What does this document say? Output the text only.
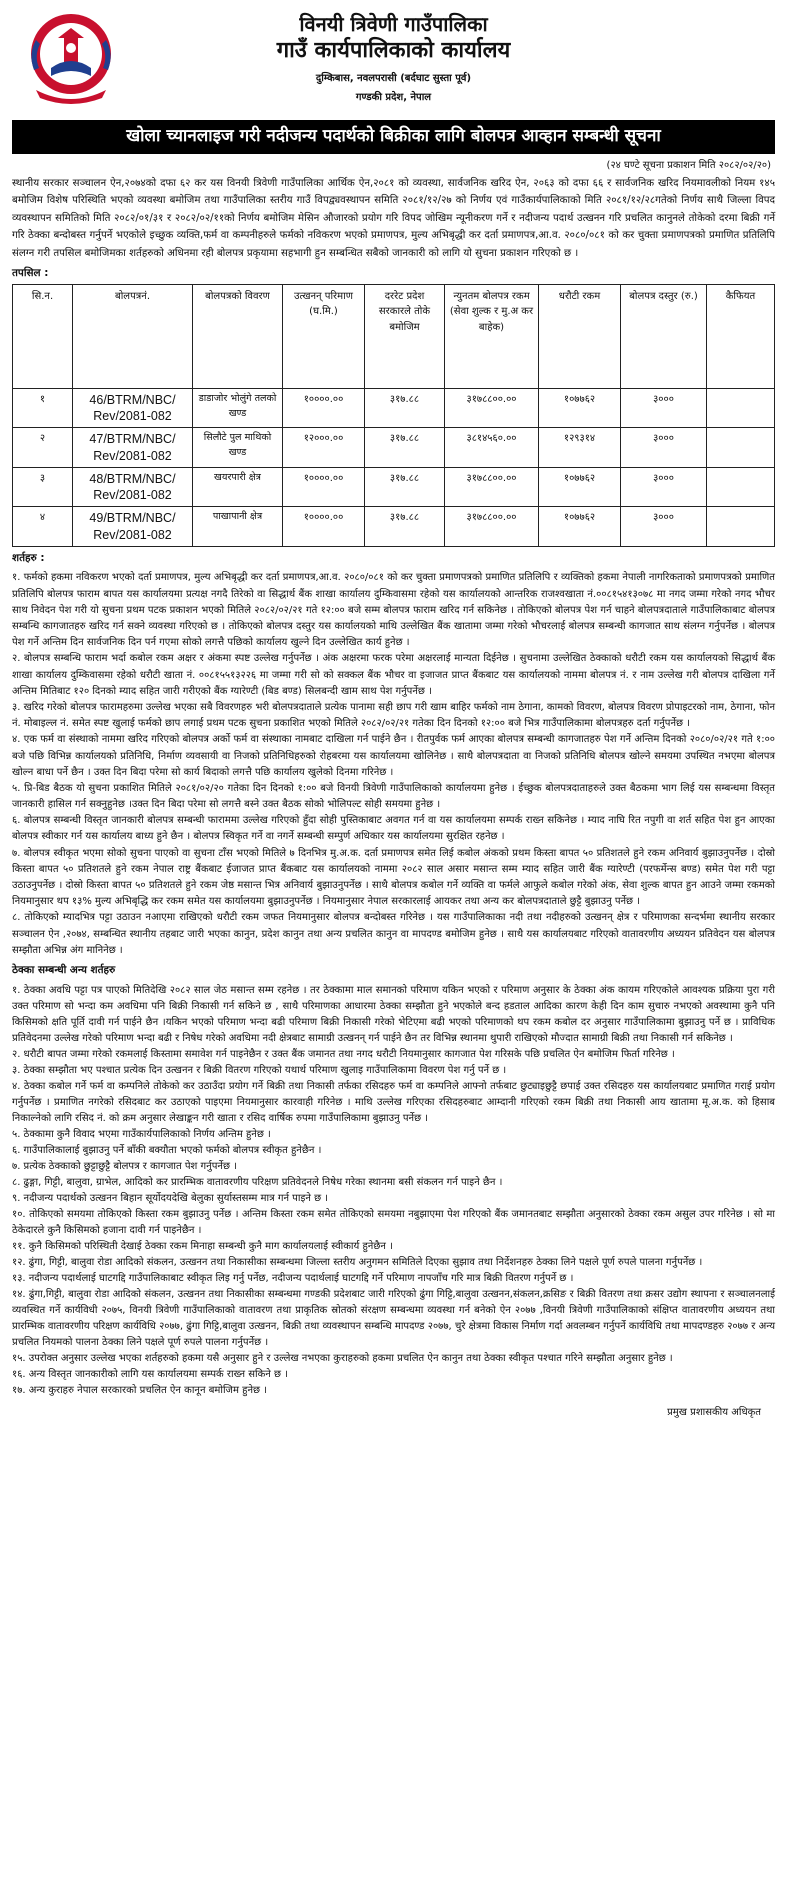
विनयी त्रिवेणी गाउँपालिका
गाउँ कार्यपालिकाको कार्यालय
दुम्किबास, नवलपरासी (बर्दघाट सुस्ता पूर्व)
गण्डकी प्रदेश, नेपाल
खोला च्यानलाइज गरी नदीजन्य पदार्थको बिक्रीका लागि बोलपत्र आव्हान सम्बन्धी सूचना
(२४ घण्टे सूचना प्रकाशन मिति २०८२/०२/२०)

स्थानीय सरकार सञ्चालन ऐन,२०७४को दफा ६२ कर यस विनयी त्रिवेणी गाउँपालिका आर्थिक ऐन,२०८१ को व्यवस्था, सार्वजनिक खरिद ऐन, २०६३ को दफा ६६ र सार्वजनिक खरिद नियमावलीको नियम १४५ बमोजिम विशेष परिस्थिति भएको व्यवस्था बमोजिम तथा गाउँपालिका स्तरीय गाउँ विपद्व्यवस्थापन समिति २०८१/१२/२७ को निर्णय एवं गाउँकार्यपालिकाको मिति २०८१/१२/२८गतेको निर्णय साथै जिल्ला विपद व्यवस्थापन समितिको मिति २०८२/०१/३१ र २०८२/०२/११को निर्णय बमोजिम मेसिन औजारको प्रयोग गरि विपद जोखिम न्यूनीकरण गर्ने र नदीजन्य पदार्थ उत्खनन गरि प्रचलित कानुनले तोकेको दरमा बिक्री गर्ने गरि ठेक्का बन्दोबस्त गर्नुपर्ने भएकोले इच्छुक व्यक्ति,फर्म वा कम्पनीहरुले फर्मको नविकरण भएको प्रमाणपत्र, मुल्य अभिबृद्धी कर दर्ता प्रमाणपत्र,आ.व. २०८०/०८१ को कर चुक्ता प्रमाणपत्रको प्रमाणित प्रतिलिपि संलग्न गरी तपसिल बमोजिमका शर्तहरुको अधिनमा रही बोलपत्र प्रकृयामा सहभागी हुन सम्बन्धित सबैको जानकारी को लागि यो सुचना प्रकाशन गरिएको छ ।

तपसिल :
सि.न.	बोलपत्रनं.	बोलपत्रको विवरण	उत्खनन् परिमाण (घ.मि.)	दररेट प्रदेश सरकारले तोके बमोजिम	न्युनतम बोलपत्र रकम (सेवा शुल्क र मु.अ कर बाहेक)	धरौटी रकम	बोलपत्र दस्तुर (रु.)	कैफियत
१	46/BTRM/NBC/ Rev/2081-082	डाडाजोर भोलुंगे तलको खण्ड	१००००.००	३१७.८८	३१७८८००.००	१०७७६२	३०००	
२	47/BTRM/NBC/ Rev/2081-082	सिलौटे पुल माथिको खण्ड	१२०००.००	३१७.८८	३८१४५६०.००	१२९३१४	३०००	
३	48/BTRM/NBC/ Rev/2081-082	खयरपारी क्षेत्र	१००००.००	३१७.८८	३१७८८००.००	१०७७६२	३०००	
४	49/BTRM/NBC/ Rev/2081-082	पाखापानी क्षेत्र	१००००.००	३१७.८८	३१७८८००.००	१०७७६२	३०००	
शर्तहरु :

१. फर्मको हकमा नविकरण भएको दर्ता प्रमाणपत्र, मुल्य अभिबृद्धी कर दर्ता प्रमाणपत्र,आ.व. २०८०/०८१ को कर चुक्ता प्रमाणपत्रको प्रमाणित प्रतिलिपि र व्यक्तिको हकमा नेपाली नागरिकताको प्रमाणपत्रको प्रमाणित प्रतिलिपि बोलपत्र फाराम बापत यस कार्यालयमा प्रत्यक्ष नगदै तिरेको वा सिद्धार्थ बैंक शाखा कार्यालय दुम्किवासमा रहेको यस कार्यालयको आन्तरिक राजश्वखाता नं.००८१५४१३०७८ मा नगद जम्मा गरेको नगद भौचर साथ निवेदन पेश गरी यो सुचना प्रथम पटक प्रकाशन भएको मितिले २०८२/०२/२१ गते १२:०० बजे सम्म बोलपत्र फाराम खरिद गर्न सकिनेछ । तोकिएको बोलपत्र पेश गर्न चाहने बोलपत्रदाताले गाउँपालिकाबाट बोलपत्र सम्बन्धि कागजातहरु खरिद गर्न सक्ने व्यवस्था गरिएको छ । तोकिएको बोलपत्र दस्तुर यस कार्यालयको माथि उल्लेखित बैंक खातामा जम्मा गरेको भौचरलाई बोलपत्र सम्बन्धी कागजात साथ संलग्न गर्नुपर्नेछ । बोलपत्र पेश गर्ने अन्तिम दिन सार्वजनिक दिन पर्न गएमा सोको लगत्तै पछिको कार्यालय खुल्ने दिन उल्लेखित कार्य हुनेछ ।

२. बोलपत्र सम्बन्धि फाराम भर्दा कबोल रकम अक्षर र अंकमा स्पष्ट उल्लेख गर्नुपर्नेछ । अंक अक्षरमा फरक परेमा अक्षरलाई मान्यता दिईनेछ । सुचनामा उल्लेखित ठेक्काको धरौटी रकम यस कार्यालयको सिद्धार्थ बैंक शाखा कार्यालय दुम्किवासमा रहेको धरौटी खाता नं. ००८१५५१३२२६ मा जम्मा गरी सो को सक्कल बैंक भौचर वा इजाजत प्राप्त बैंकबाट यस कार्यालयको नाममा बोलपत्र नं. र नाम उल्लेख गरी बोलपत्र दाखिला गर्ने अन्तिम मितिबाट १२० दिनको म्याद सहित जारी गरीएको बैंक ग्यारेण्टी (बिड बण्ड) सिलबन्दी खाम साथ पेश गर्नुपर्नेछ ।

३. खरिद गरेको बोलपत्र फारामहरुमा उल्लेख भएका सबै विवरणहरु भरी बोलपत्रदाताले प्रत्येक पानामा सही छाप गरी खाम बाहिर फर्मको नाम ठेगाना, कामको विवरण, बोलपत्र विवरण प्रोपाइटरको नाम, ठेगाना, फोन नं. मोबाइल्ल नं. समेत स्पष्ट खुलाई फर्मको छाप लगाई प्रथम पटक सुचना प्रकाशित भएको मितिले २०८२/०२/२१ गतेका दिन दिनको १२:०० बजे भित्र गाउँपालिकामा बोलपत्रहरु दर्ता गर्नुपर्नेछ ।

४. एक फर्म वा संस्थाको नाममा खरिद गरिएको बोलपत्र अर्को फर्म वा संस्थाका नामबाट दाखिला गर्न पाईने छैन । रीतपुर्वक फर्म आएका बोलपत्र सम्बन्धी कागजातहरु पेश गर्ने अन्तिम दिनको २०८०/०२/२१ गते १:०० बजे पछि विभिन्न कार्यालयको प्रतिनिधि, निर्माण व्यवसायी वा निजको प्रतिनिधिहरुको रोहबरमा यस कार्यालयमा खोलिनेछ । साथै बोलपत्रदाता वा निजको प्रतिनिधि बोलपत्र खोल्ने समयमा उपस्थित नभएमा बोलपत्र खोल्न बाधा पर्ने छैन । उक्त दिन बिदा परेमा सो कार्य बिदाको लगत्तै पछि कार्यालय खुलेको दिनमा गरिनेछ ।

५. प्रि-बिड बैठक यो सुचना प्रकाशित मितिले २०८१/०२/२० गतेका दिन दिनको १:०० बजे विनयी त्रिवेणी गाउँपालिकाको कार्यालयमा हुनेछ । ईच्छुक बोलपत्रदाताहरुले उक्त बैठकमा भाग लिई यस सम्बन्धमा विस्तृत जानकारी हासिल गर्न सक्नुहुनेछ ।उक्त दिन बिदा परेमा सो लगत्तै बस्ने उक्त बैठक सोको भोलिपल्ट सोही समयमा हुनेछ ।

६. बोलपत्र सम्बन्धी विस्तृत जानकारी बोलपत्र सम्बन्धी फाराममा उल्लेख गरिएको हुँदा सोही पुस्तिकाबाट अवगत गर्न वा यस कार्यालयमा सम्पर्क राख्न सकिनेछ । म्याद नाघि रित नपुगी वा शर्त सहित पेश हुन आएका बोलपत्र स्वीकार गर्न यस कार्यालय बाध्य हुने छैन । बोलपत्र स्विकृत गर्ने वा नगर्ने सम्बन्धी सम्पुर्ण अधिकार यस कार्यालयमा सुरक्षित रहनेछ ।

७. बोलपत्र स्वीकृत भएमा सोको सुचना पाएको वा सुचना टाँस भएको मितिले ७ दिनभित्र मु.अ.क. दर्ता प्रमाणपत्र समेत लिई कबोल अंकको प्रथम किस्ता बापत ५० प्रतिशतले हुने रकम अनिवार्य बुझाउनुपर्नेछ । दोस्रो किस्ता बापत ५० प्रतिशतले हुने रकम नेपाल राष्ट्र बैंकबाट ईजाजत प्राप्त बैंकबाट यस कार्यालयको नाममा २०८२ साल असार मसान्त सम्म म्याद सहित जारी बैंक ग्यारेण्टी (परफर्मेन्स बण्ड) समेत पेश गरी पट्टा उठाउनुपर्नेछ । दोस्रो किस्ता बापत ५० प्रतिशतले हुने रकम जेष्ठ मसान्त भित्र अनिवार्य बुझाउनुपर्नेछ । साथै बोलपत्र कबोल गर्ने व्यक्ति वा फर्मले आफुले कबोल गरेको अंक, सेवा शुल्क बापत हुन आउने जम्मा रकमको नियमानुसार थप १३% मुल्य अभिबृद्धि कर रकम समेत यस कार्यालयमा बुझाउनुपर्नेछ । नियमानुसार नेपाल सरकारलाई आयकर तथा अन्य कर बोलपत्रदाताले छुट्टै बुझाउनु पर्नेछ ।

८. तोकिएको म्यादभित्र पट्टा उठाउन नआएमा राखिएको धरौटी रकम जफत नियमानुसार बोलपत्र बन्दोबस्त गरिनेछ । यस गाउँपालिकाका नदी तथा नदीहरुको उत्खनन् क्षेत्र र परिमाणका सन्दर्भमा स्थानीय सरकार सञ्चालन ऐन ,२०७४, सम्बन्धित स्थानीय तहबाट जारी भएका कानुन, प्रदेश कानुन तथा अन्य प्रचलित कानुन वा मापदण्ड बमोजिम हुनेछ । साथै यस कार्यालयबाट गरिएको वातावरणीय अध्ययन प्रतिवेदन यस बोलपत्र सम्झौता अभिन्न अंग मानिनेछ ।

ठेक्का सम्बन्धी अन्य शर्तहरु

१. ठेक्का अवधि पट्टा पत्र पाएको मितिदेखि २०८२ साल जेठ मसान्त सम्म रहनेछ । तर ठेक्कामा माल समानको परिमाण यकिन भएको र परिमाण अनुसार के ठेक्का अंक कायम गरिएकोले आवश्यक प्रक्रिया पुरा गरी उक्त परिमाण सो भन्दा कम अवधिमा पनि बिक्री निकासी गर्न सकिने छ , साथै परिमाणका आधारमा ठेक्का सम्झौता हुने भएकोले बन्द हडताल आदिका कारण केही दिन काम सुचारु नभएको अवस्थामा कुनै पनि किसिमको क्षति पूर्ति दावी गर्न पाईने छैन ।यकिन भएको परिमाण भन्दा बढी परिमाण बिक्री निकासी गरेको भेटिएमा बढी भएको परिमाणको थप रकम कबोल दर अनुसार गाउँपालिकामा बुझाउनु पर्ने छ । प्राविधिक प्रतिवेदनमा उल्लेख गरेको परिमाण भन्दा बढी र निषेध गरेको अवधिमा नदी क्षेत्रबाट सामाग्री उत्खनन् गर्न पाईने छैन तर विभिन्न स्थानमा थुपारी राखिएको मौज्दात सामाग्री बिक्री तथा निकासी गर्न सकिनेछ ।

२. धरौटी बापत जम्मा गरेको रकमलाई किस्तामा समावेश गर्न पाइनेछैन र उक्त बैंक जमानत तथा नगद धरौटी नियमानुसार कागजात पेश गरिसके पछि प्रचलित ऐन बमोजिम फिर्ता गरिनेछ ।

३. ठेक्का सम्झौता भए पश्चात प्रत्येक दिन उत्खनन र बिक्री वितरण गरिएको यथार्थ परिमाण खुलाइ गाउँपालिकामा विवरण पेश गर्नु पर्ने छ ।

४. ठेक्का कबोल गर्ने फर्म वा कम्पनिले तोकेको कर उठाउँदा प्रयोग गर्ने बिक्री तथा निकासी तर्फका रसिदहरु फर्म वा कम्पनिले आफ्नो तर्फबाट छुट्याइछुट्टै छपाई उक्त रसिदहरु यस कार्यालयबाट प्रमाणित गराई प्रयोग गर्नुपर्नेछ । प्रमाणित नगरेको रसिदबाट कर उठाएको पाइएमा नियमानुसार कारवाही गरिनेछ । माथि उल्लेख गरिएका रसिदहरुबाट आम्दानी गरिएको रकम बिक्री तथा निकासी आय खातामा मू.अ.क. को हिसाब निकाल्नेको लागि रसिद नं. को क्रम अनुसार लेखाङ्कन गरी खाता र रसिद वार्षिक रुपमा गाउँपालिकामा बुझाउनु पर्नेछ ।

५. ठेक्कामा कुनै विवाद भएमा गाउँकार्यपालिकाको निर्णय अन्तिम हुनेछ ।

६. गाउँपालिकालाई बुझाउनु पर्ने बाँकी बक्यौता भएको फर्मको बोलपत्र स्वीकृत हुनेछैन ।

७. प्रत्येक ठेक्काको छुट्टाछुट्टै बोलपत्र र कागजात पेश गर्नुपर्नेछ ।

८. ढुङ्गा, गिट्टी, बालुवा, ग्राभेल, आदिको कर प्रारम्भिक वातावरणीय परिक्षण प्रतिवेदनले निषेध गरेका स्थानमा बसी संकलन गर्न पाइने छैन ।

९. नदीजन्य पदार्थको उत्खनन बिहान सूर्योदयदेखि बेलुका सुर्यास्तसम्म मात्र गर्न पाइने छ ।

१०. तोकिएको समयमा तोकिएको किस्ता रकम बुझाउनु पर्नेछ । अन्तिम किस्ता रकम समेत तोकिएको समयमा नबुझाएमा पेश गरिएको बैंक जमानतबाट सम्झौता अनुसारको ठेक्का रकम असुल उपर गरिनेछ । सो मा ठेकेदारले कुनै किसिमको हजाना दावी गर्न पाइनेछैन ।

११. कुनै किसिमको परिस्थिती देखाई ठेक्का रकम मिनाहा सम्बन्धी कुनै माग कार्यालयलाई स्वीकार्य हुनेछैन ।

१२. ढुंगा, गिट्टी, बालुवा रोडा आदिको संकलन, उत्खनन तथा निकासीका सम्बन्धमा जिल्ला स्तरीय अनुगमन समितिले दिएका सुझाव तथा निर्देशनहरु ठेक्का लिने पक्षले पूर्ण रुपले पालना गर्नुपर्नेछ ।

१३. नदीजन्य पदार्थलाई घाटगद्दि गाउँपालिकाबाट स्वीकृत लिइ गर्नु पर्नेछ, नदीजन्य पदार्थलाई घाटगद्दि गर्ने परिमाण नापजाँच गरि मात्र बिक्री वितरण गर्नुपर्ने छ ।

१४. ढुंगा,गिट्टी, बालुवा रोडा आदिको संकलन, उत्खनन तथा निकासीका सम्बन्धमा गण्डकी प्रदेशबाट जारी गरिएको ढुंगा गिट्टि,बालुवा उत्खनन,संकलन,क्रसिङ र बिक्री वितरण तथा क्रसर उद्योग स्थापना र सञ्चालनलाई व्यवस्थित गर्ने कार्यविधी २०७५, विनयी त्रिवेणी गाउँपालिकाको वातावरण तथा प्राकृतिक स्रोतको संरक्षण सम्बन्धमा व्यवस्था गर्न बनेको ऐन २०७७ ,विनयी त्रिवेणी गाउँपालिकाको संक्षिप्त वातावरणीय अध्ययन तथा प्रारम्भिक वातावरणीय परिक्षण कार्यविधि २०७७, ढुंगा गिट्टि,बालुवा उत्खनन, बिक्री तथा व्यवस्थापन सम्बन्धि मापदण्ड २०७७, चुरे क्षेत्रमा विकास निर्माण गर्दा अवलम्बन गर्नुपर्ने कार्यविधि तथा मापदण्डहरु २०७७ र अन्य प्रचलित नियमको पालना ठेक्का लिने पक्षले पूर्ण रुपले पालना गर्नुपर्नेछ ।

१५. उपरोक्त अनुसार उल्लेख भएका शर्तहरुको हकमा यसै अनुसार हुने र उल्लेख नभएका कुराहरुको हकमा प्रचलित ऐन कानुन तथा ठेक्का स्वीकृत पश्चात गरिने सम्झौता अनुसार हुनेछ ।

१६. अन्य विस्तृत जानकारीको लागि यस कार्यालयमा सम्पर्क राख्न सकिने छ ।

१७. अन्य कुराहरु नेपाल सरकारको प्रचलित ऐन कानून बमोजिम हुनेछ ।

प्रमुख प्रशासकीय अधिकृत
